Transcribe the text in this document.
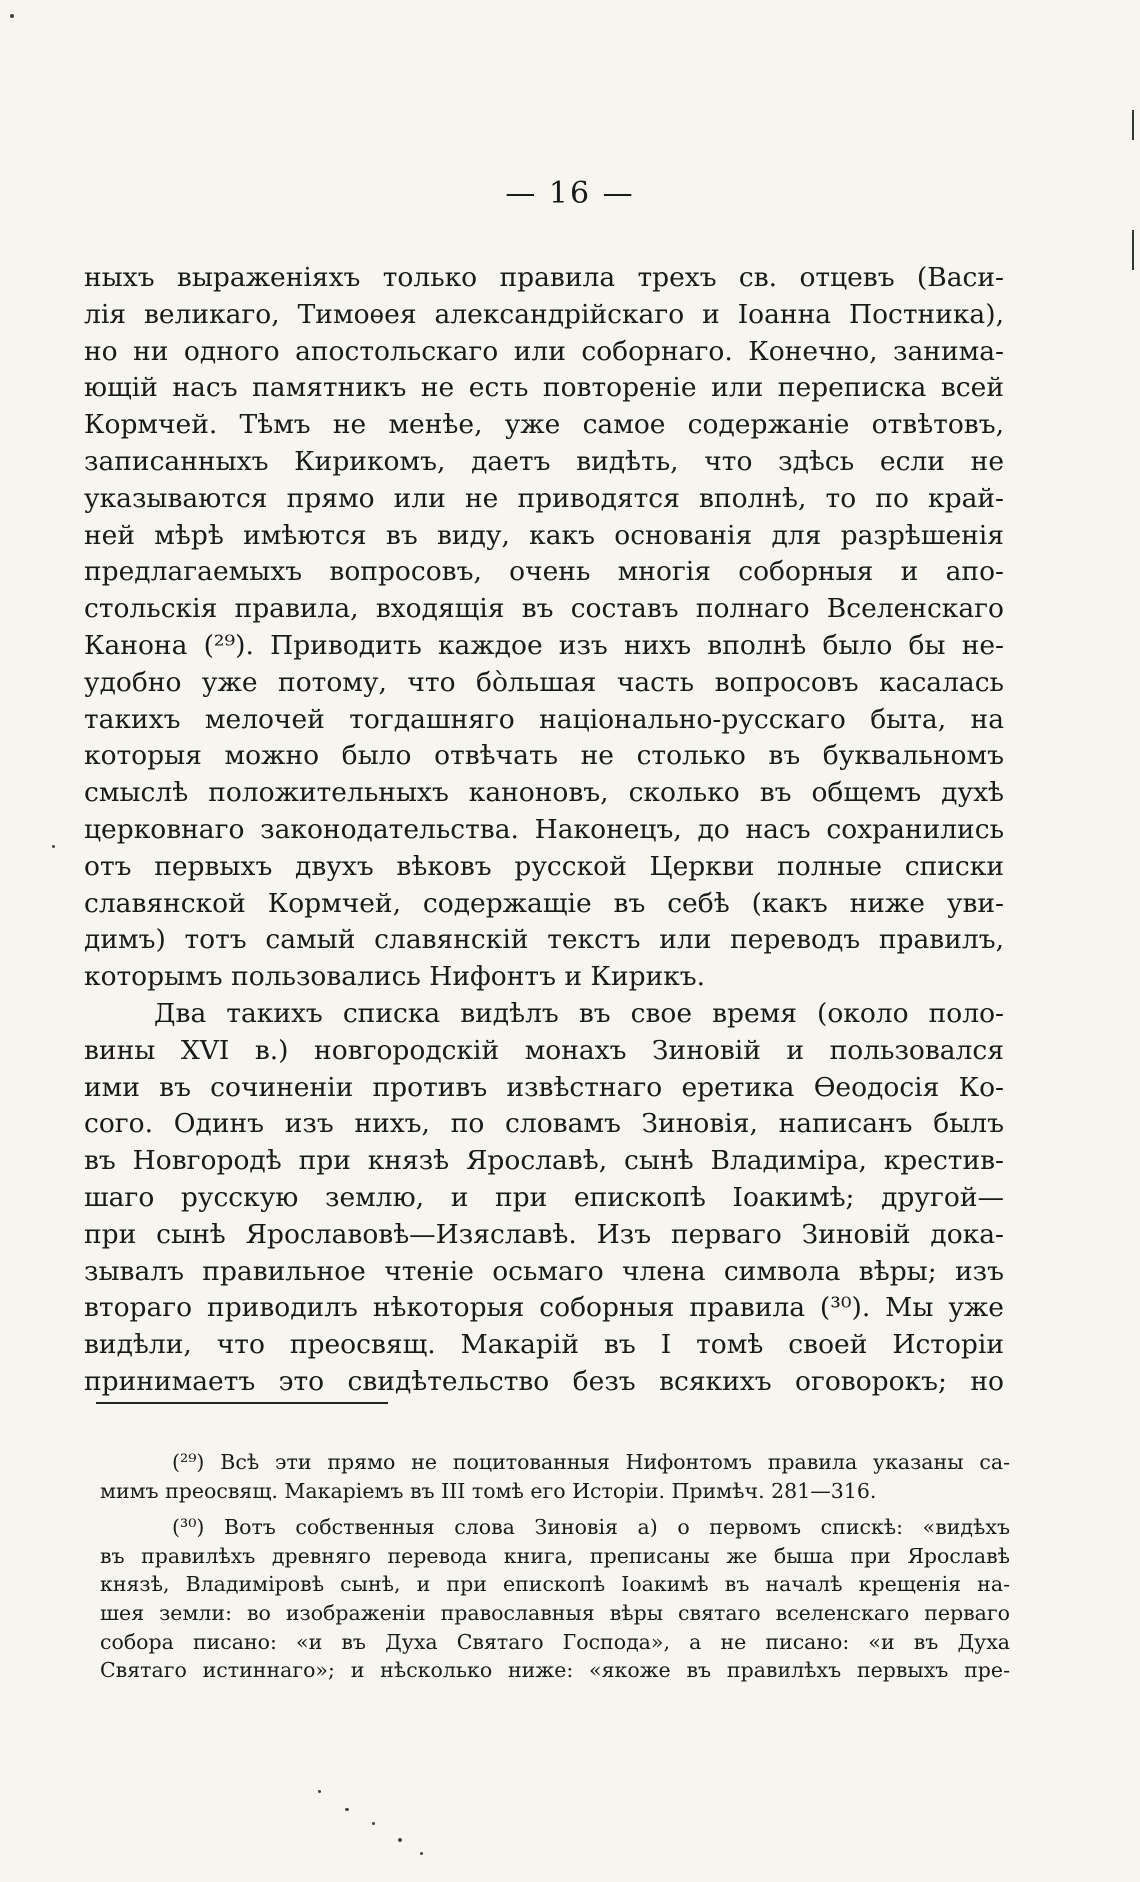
— 16 —
ныхъ выраженіяхъ только правила трехъ св. отцевъ (Васи-
лія великаго, Тимоѳея александрійскаго и Іоанна Постника),
но ни одного апостольскаго или соборнаго. Конечно, занима-
ющій насъ памятникъ не есть повтореніе или переписка всей
Кормчей. Тѣмъ не менѣе, уже самое содержаніе отвѣтовъ,
записанныхъ Кирикомъ, даетъ видѣть, что здѣсь если не
указываются прямо или не приводятся вполнѣ, то по край-
ней мѣрѣ имѣются въ виду, какъ основанія для разрѣшенія
предлагаемыхъ вопросовъ, очень многія соборныя и апо-
стольскія правила, входящія въ составъ полнаго Вселенскаго
Канона (²⁹). Приводить каждое изъ нихъ вполнѣ было бы не-
удобно уже потому, что бо̀льшая часть вопросовъ касалась
такихъ мелочей тогдашняго національно-русскаго быта, на
которыя можно было отвѣчать не столько въ буквальномъ
смыслѣ положительныхъ каноновъ, сколько въ общемъ духѣ
церковнаго законодательства. Наконецъ, до насъ сохранились
отъ первыхъ двухъ вѣковъ русской Церкви полные списки
славянской Кормчей, содержащіе въ себѣ (какъ ниже уви-
димъ) тотъ самый славянскій текстъ или переводъ правилъ,
которымъ пользовались Нифонтъ и Кирикъ.
Два такихъ списка видѣлъ въ свое время (около поло-
вины XVI в.) новгородскій монахъ Зиновій и пользовался
ими въ сочиненіи противъ извѣстнаго еретика Ѳеодосія Ко-
сого. Одинъ изъ нихъ, по словамъ Зиновія, написанъ былъ
въ Новгородѣ при князѣ Ярославѣ, сынѣ Владиміра, крестив-
шаго русскую землю, и при епископѣ Іоакимѣ; другой—
при сынѣ Ярославовѣ—Изяславѣ. Изъ перваго Зиновій дока-
зывалъ правильное чтеніе осьмаго члена символа вѣры; изъ
втораго приводилъ нѣкоторыя соборныя правила (³⁰). Мы уже
видѣли, что преосвящ. Макарій въ I томѣ своей Исторіи
принимаетъ это свидѣтельство безъ всякихъ оговорокъ; но
(²⁹) Всѣ эти прямо не поцитованныя Нифонтомъ правила указаны са-
мимъ преосвящ. Макаріемъ въ III томѣ его Исторіи. Примѣч. 281—316.
(³⁰) Вотъ собственныя слова Зиновія а) о первомъ спискѣ: «видѣхъ
въ правилѣхъ древняго перевода книга, преписаны же быша при Ярославѣ
князѣ, Владиміровѣ сынѣ, и при епископѣ Іоакимѣ въ началѣ крещенія на-
шея земли: во изображеніи православныя вѣры святаго вселенскаго перваго
собора писано: «и въ Духа Святаго Господа», а не писано: «и въ Духа
Святаго истиннаго»; и нѣсколько ниже: «якоже въ правилѣхъ первыхъ пре-
